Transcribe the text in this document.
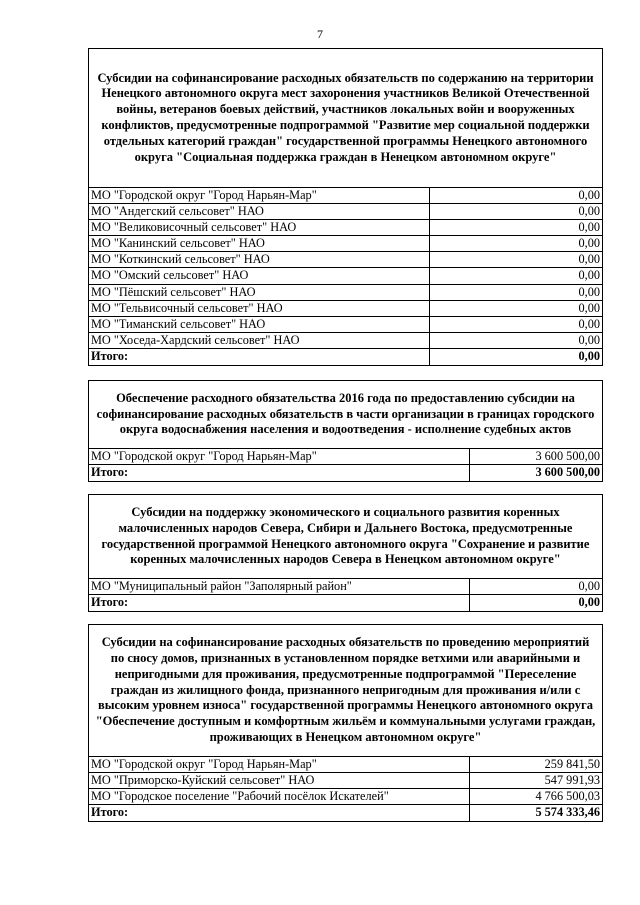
7
Субсидии на софинансирование расходных обязательств по содержанию на территории
Ненецкого автономного округа мест захоронения участников Великой Отечественной
войны, ветеранов боевых действий, участников локальных войн и вооруженных
конфликтов, предусмотренные подпрограммой "Развитие мер социальной поддержки
отдельных категорий граждан" государственной программы Ненецкого автономного
округа "Социальная поддержка граждан в Ненецком автономном округе"
МО "Городской округ "Город Нарьян-Мар"	0,00
МО "Андегский сельсовет" НАО	0,00
МО "Великовисочный сельсовет" НАО	0,00
МО "Канинский сельсовет" НАО	0,00
МО "Коткинский сельсовет" НАО	0,00
МО "Омский сельсовет" НАО	0,00
МО "Пёшский сельсовет" НАО	0,00
МО "Тельвисочный сельсовет" НАО	0,00
МО "Тиманский сельсовет" НАО	0,00
МО "Хоседа-Хардский сельсовет" НАО	0,00
Итого:	0,00
Обеспечение расходного обязательства 2016 года по предоставлению субсидии на
софинансирование расходных обязательств в части организации в границах городского
округа водоснабжения населения и водоотведения - исполнение судебных актов
МО "Городской округ "Город Нарьян-Мар"	3 600 500,00
Итого:	3 600 500,00
Субсидии на поддержку экономического и социального развития коренных
малочисленных народов Севера, Сибири и Дальнего Востока, предусмотренные
государственной программой Ненецкого автономного округа "Сохранение и развитие
коренных малочисленных народов Севера в Ненецком автономном округе"
МО "Муниципальный район "Заполярный район"	0,00
Итого:	0,00
Субсидии на софинансирование расходных обязательств по проведению мероприятий
по сносу домов, признанных в установленном порядке ветхими или аварийными и
непригодными для проживания, предусмотренные подпрограммой "Переселение
граждан из жилищного фонда, признанного непригодным для проживания и/или с
высоким уровнем износа" государственной программы Ненецкого автономного округа
"Обеспечение доступным и комфортным жильём и коммунальными услугами граждан,
проживающих в Ненецком автономном округе"
МО "Городской округ "Город Нарьян-Мар"	259 841,50
МО "Приморско-Куйский сельсовет" НАО	547 991,93
МО "Городское поселение "Рабочий посёлок Искателей"	4 766 500,03
Итого:	5 574 333,46
